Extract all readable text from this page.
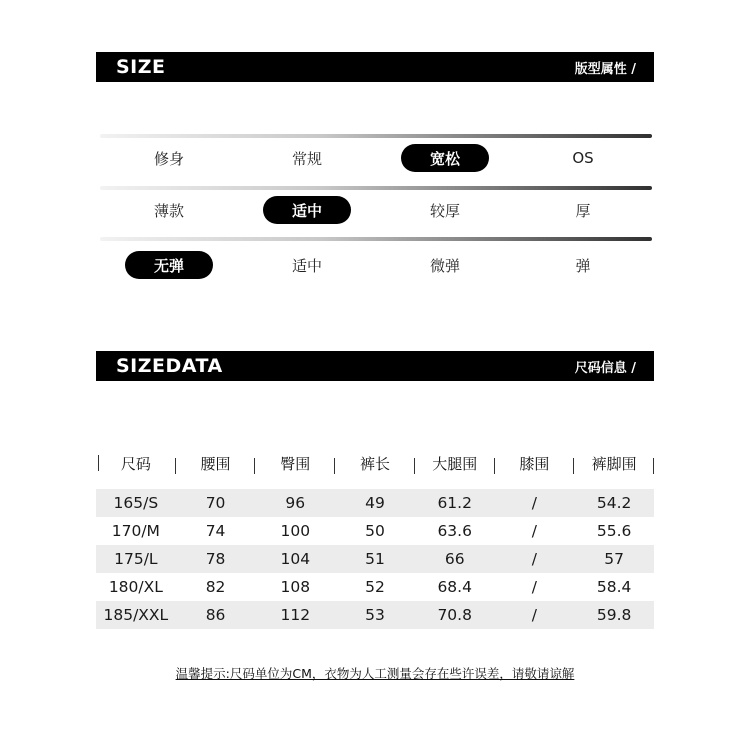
SIZE	版型属性 /
修身	常规	宽松	OS
薄款	适中	较厚	厚
无弹	适中	微弹	弹
SIZEDATA	尺码信息 /
尺码	腰围	臀围	裤长	大腿围	膝围	裤脚围
165/S	70	96	49	61.2	/	54.2
170/M	74	100	50	63.6	/	55.6
175/L	78	104	51	66	/	57
180/XL	82	108	52	68.4	/	58.4
185/XXL	86	112	53	70.8	/	59.8
温馨提示:尺码单位为CM，衣物为人工测量会存在些许误差，请敬请谅解
